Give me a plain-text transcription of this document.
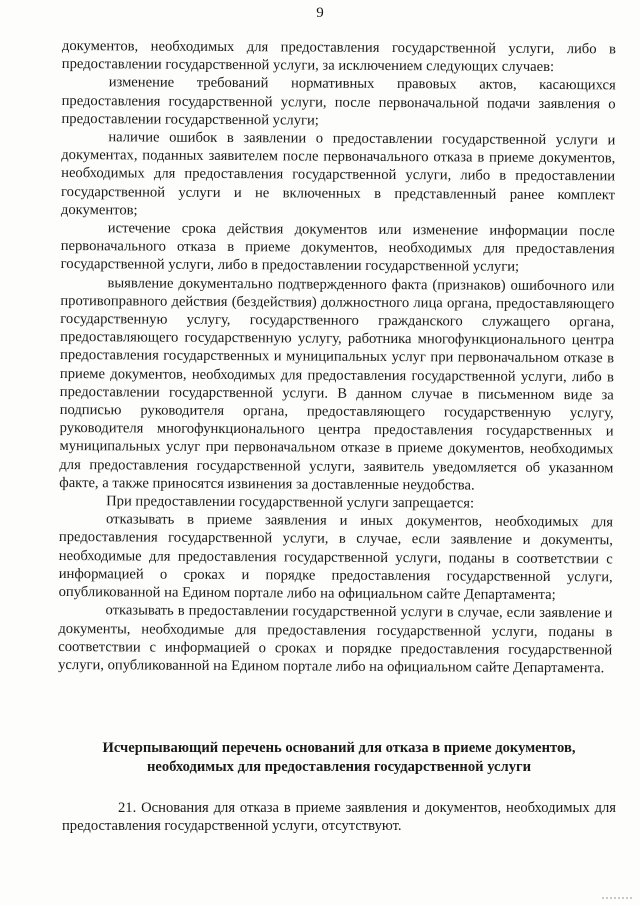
9

документов, необходимых для предоставления государственной услуги, либо в предоставлении государственной услуги, за исключением следующих случаев:

изменение требований нормативных правовых актов, касающихся предоставления государственной услуги, после первоначальной подачи заявления о предоставлении государственной услуги;

наличие ошибок в заявлении о предоставлении государственной услуги и документах, поданных заявителем после первоначального отказа в приеме документов, необходимых для предоставления государственной услуги, либо в предоставлении государственной услуги и не включенных в представленный ранее комплект документов;

истечение срока действия документов или изменение информации после первоначального отказа в приеме документов, необходимых для предоставления государственной услуги, либо в предоставлении государственной услуги;

выявление документально подтвержденного факта (признаков) ошибочного или противоправного действия (бездействия) должностного лица органа, предоставляющего государственную услугу, государственного гражданского служащего органа, предоставляющего государственную услугу, работника многофункционального центра предоставления государственных и муниципальных услуг при первоначальном отказе в приеме документов, необходимых для предоставления государственной услуги, либо в предоставлении государственной услуги. В данном случае в письменном виде за подписью руководителя органа, предоставляющего государственную услугу, руководителя многофункционального центра предоставления государственных и муниципальных услуг при первоначальном отказе в приеме документов, необходимых для предоставления государственной услуги, заявитель уведомляется об указанном факте, а также приносятся извинения за доставленные неудобства.

При предоставлении государственной услуги запрещается:

отказывать в приеме заявления и иных документов, необходимых для предоставления государственной услуги, в случае, если заявление и документы, необходимые для предоставления государственной услуги, поданы в соответствии с информацией о сроках и порядке предоставления государственной услуги, опубликованной на Едином портале либо на официальном сайте Департамента;

отказывать в предоставлении государственной услуги в случае, если заявление и документы, необходимые для предоставления государственной услуги, поданы в соответствии с информацией о сроках и порядке предоставления государственной услуги, опубликованной на Едином портале либо на официальном сайте Департамента.

Исчерпывающий перечень оснований для отказа в приеме документов, необходимых для предоставления государственной услуги
21. Основания для отказа в приеме заявления и документов, необходимых для предоставления государственной услуги, отсутствуют.
